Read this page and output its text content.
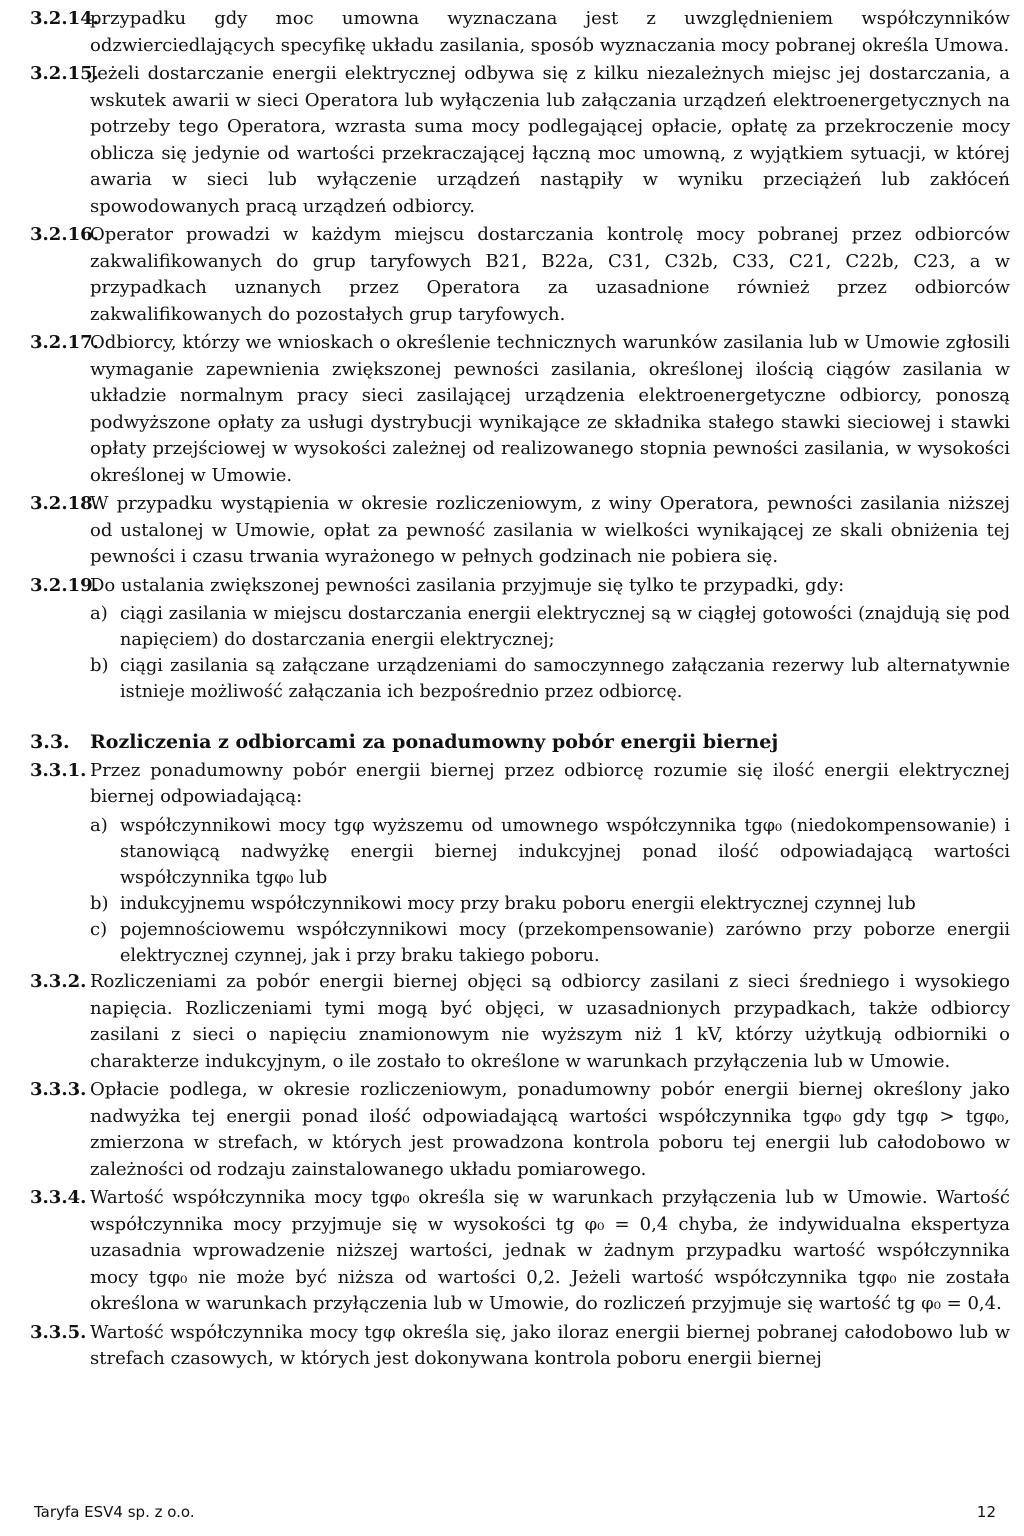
3.2.14.
przypadku gdy moc umowna wyznaczana jest z uwzględnieniem współczynników odzwierciedlających specyfikę układu zasilania, sposób wyznaczania mocy pobranej określa Umowa.
3.2.15.
Jeżeli dostarczanie energii elektrycznej odbywa się z kilku niezależnych miejsc jej dostarczania, a wskutek awarii w sieci Operatora lub wyłączenia lub załączania urządzeń elektroenergetycznych na potrzeby tego Operatora, wzrasta suma mocy podlegającej opłacie, opłatę za przekroczenie mocy oblicza się jedynie od wartości przekraczającej łączną moc umowną, z wyjątkiem sytuacji, w której awaria w sieci lub wyłączenie urządzeń nastąpiły w wyniku przeciążeń lub zakłóceń spowodowanych pracą urządzeń odbiorcy.
3.2.16.
Operator prowadzi w każdym miejscu dostarczania kontrolę mocy pobranej przez odbiorców zakwalifikowanych do grup taryfowych B21, B22a, C31, C32b, C33, C21, C22b, C23, a w przypadkach uznanych przez Operatora za uzasadnione również przez odbiorców zakwalifikowanych do pozostałych grup taryfowych.
3.2.17.
Odbiorcy, którzy we wnioskach o określenie technicznych warunków zasilania lub w Umowie zgłosili wymaganie zapewnienia zwiększonej pewności zasilania, określonej ilością ciągów zasilania w układzie normalnym pracy sieci zasilającej urządzenia elektroenergetyczne odbiorcy, ponoszą podwyższone opłaty za usługi dystrybucji wynikające ze składnika stałego stawki sieciowej i stawki opłaty przejściowej w wysokości zależnej od realizowanego stopnia pewności zasilania, w wysokości określonej w Umowie.
3.2.18.
W przypadku wystąpienia w okresie rozliczeniowym, z winy Operatora, pewności zasilania niższej od ustalonej w Umowie, opłat za pewność zasilania w wielkości wynikającej ze skali obniżenia tej pewności i czasu trwania wyrażonego w pełnych godzinach nie pobiera się.
3.2.19.
Do ustalania zwiększonej pewności zasilania przyjmuje się tylko te przypadki, gdy:
a) ciągi zasilania w miejscu dostarczania energii elektrycznej są w ciągłej gotowości (znajdują się pod napięciem) do dostarczania energii elektrycznej;
b) ciągi zasilania są załączane urządzeniami do samoczynnego załączania rezerwy lub alternatywnie istnieje możliwość załączania ich bezpośrednio przez odbiorcę.
3.3.	Rozliczenia z odbiorcami za ponadumowny pobór energii biernej
3.3.1. Przez ponadumowny pobór energii biernej przez odbiorcę rozumie się ilość energii elektrycznej biernej odpowiadającą:
a) współczynnikowi mocy tgφ wyższemu od umownego współczynnika tgφ₀ (niedokompensowanie) i stanowiącą nadwyżkę energii biernej indukcyjnej ponad ilość odpowiadającą wartości współczynnika tgφ₀ lub
b) indukcyjnemu współczynnikowi mocy przy braku poboru energii elektrycznej czynnej lub
c) pojemnościowemu współczynnikowi mocy (przekompensowanie) zarówno przy poborze energii elektrycznej czynnej, jak i przy braku takiego poboru.
3.3.2. Rozliczeniami za pobór energii biernej objęci są odbiorcy zasilani z sieci średniego i wysokiego napięcia. Rozliczeniami tymi mogą być objęci, w uzasadnionych przypadkach, także odbiorcy zasilani z sieci o napięciu znamionowym nie wyższym niż 1 kV, którzy użytkują odbiorniki o charakterze indukcyjnym, o ile zostało to określone w warunkach przyłączenia lub w Umowie.
3.3.3. Opłacie podlega, w okresie rozliczeniowym, ponadumowny pobór energii biernej określony jako nadwyżka tej energii ponad ilość odpowiadającą wartości współczynnika tgφ₀ gdy tgφ > tgφ₀, zmierzona w strefach, w których jest prowadzona kontrola poboru tej energii lub całodobowo w zależności od rodzaju zainstalowanego układu pomiarowego.
3.3.4. Wartość współczynnika mocy tgφ₀ określa się w warunkach przyłączenia lub w Umowie. Wartość współczynnika mocy przyjmuje się w wysokości tg φ₀ = 0,4 chyba, że indywidualna ekspertyza uzasadnia wprowadzenie niższej wartości, jednak w żadnym przypadku wartość współczynnika mocy tgφ₀ nie może być niższa od wartości 0,2. Jeżeli wartość współczynnika tgφ₀ nie została określona w warunkach przyłączenia lub w Umowie, do rozliczeń przyjmuje się wartość tg φ₀ = 0,4.
3.3.5. Wartość współczynnika mocy tgφ określa się, jako iloraz energii biernej pobranej całodobowo lub w strefach czasowych, w których jest dokonywana kontrola poboru energii biernej
Taryfa ESV4 sp. z o.o.	12
